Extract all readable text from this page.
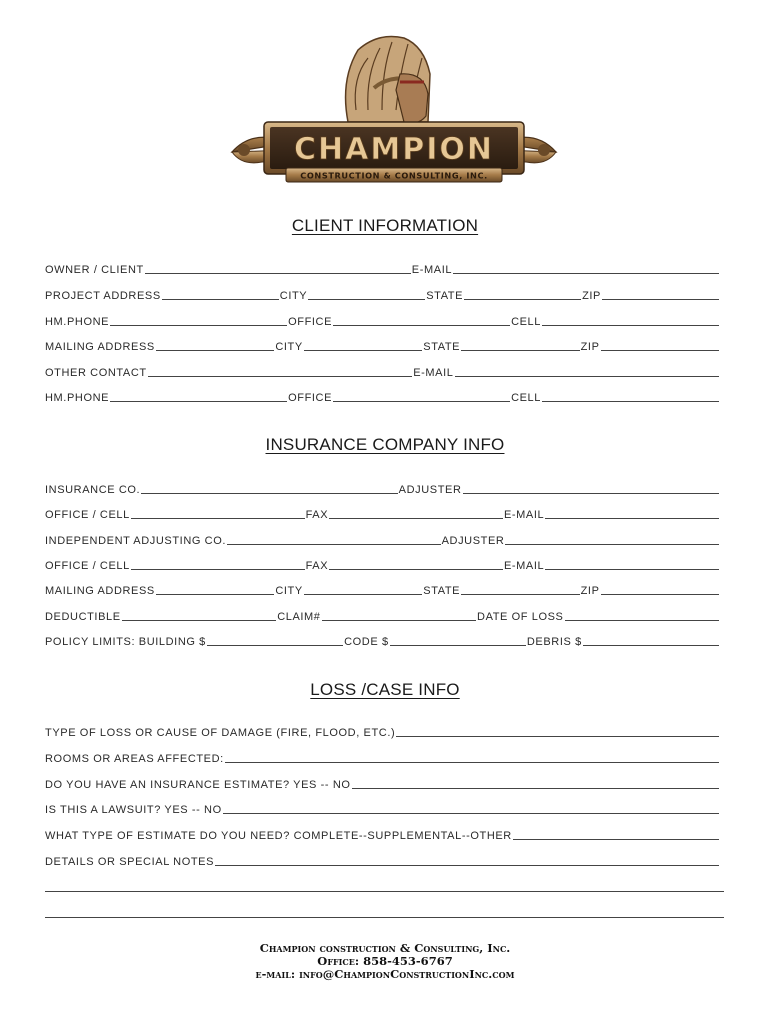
CHAMPION
CONSTRUCTION & CONSULTING, INC.
CLIENT INFORMATION
INSURANCE COMPANY INFO
LOSS /CASE INFO
OWNER / CLIENT	E-MAIL
PROJECT ADDRESS	CITY	STATE	ZIP
HM.PHONE	OFFICE	CELL
MAILING ADDRESS	CITY	STATE	ZIP
OTHER CONTACT	E-MAIL
HM.PHONE	OFFICE	CELL
INSURANCE CO.	ADJUSTER
OFFICE / CELL	FAX	E-MAIL
INDEPENDENT ADJUSTING CO.	ADJUSTER
OFFICE / CELL	FAX	E-MAIL
MAILING ADDRESS	CITY	STATE	ZIP
DEDUCTIBLE	CLAIM#	DATE OF LOSS
POLICY LIMITS: BUILDING $	CODE $	DEBRIS $
TYPE OF LOSS OR CAUSE OF DAMAGE (FIRE, FLOOD, ETC.)
ROOMS OR AREAS AFFECTED:
DO YOU HAVE AN INSURANCE ESTIMATE? YES -- NO
IS THIS A LAWSUIT? YES -- NO
WHAT TYPE OF ESTIMATE DO YOU NEED? COMPLETE--SUPPLEMENTAL--OTHER
DETAILS OR SPECIAL NOTES
Champion construction & Consulting, Inc.
Office: 858-453-6767
e-mail: info@ChampionConstructionInc.com
